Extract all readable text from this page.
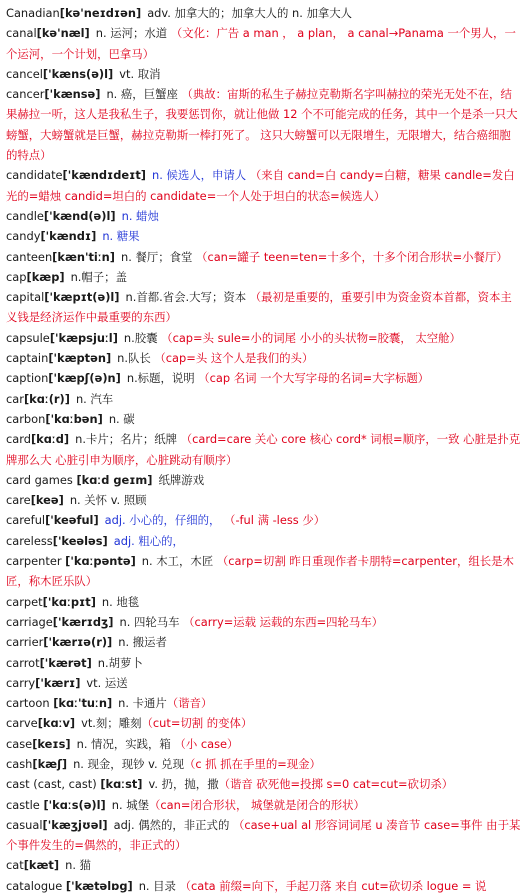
Canadian[kə'neɪdɪən] adv. 加拿大的；加拿大人的 n. 加拿大人
canal[kə'næl] n. 运河；水道 （文化：广告 a man ， a plan， a canal→Panama 一个男人，一个运河，一个计划，巴拿马）
cancel['kæns(ə)l] vt. 取消
cancer['kænsə] n. 癌，巨蟹座 （典故：宙斯的私生子赫拉克勒斯名字叫赫拉的荣光无处不在，结果赫拉一听，这人是我私生子，我要惩罚你，就让他做 12 个不可能完成的任务，其中一个是杀一只大螃蟹，大螃蟹就是巨蟹，赫拉克勒斯一棒打死了。 这只大螃蟹可以无限增生，无限增大，结合癌细胞的特点）
candidate['kændɪdeɪt] n. 候选人，申请人 （来自 cand=白 candy=白糖，糖果 candle=发白光的=蜡烛 candid=坦白的 candidate=一个人处于坦白的状态=候选人）
candle['kænd(ə)l] n. 蜡烛
candy['kændɪ] n. 糖果
canteen[kæn'tiːn] n. 餐厅；食堂 （can=罐子 teen=ten=十多个，十多个闭合形状=小餐厅）
cap[kæp] n.帽子；盖
capital['kæpɪt(ə)l] n.首都.省会.大写；资本 （最初是重要的，重要引申为资金资本首都，资本主义钱是经济运作中最重要的东西）
capsule['kæpsjuːl] n.胶囊 （cap=头 sule=小的词尾 小小的头状物=胶囊， 太空舱）
captain['kæptən] n.队长 （cap=头 这个人是我们的头）
caption['kæpʃ(ə)n] n.标题，说明 （cap 名词 一个大写字母的名词=大字标题）
car[kɑː(r)] n. 汽车
carbon['kɑːbən] n. 碳
card[kɑːd] n.卡片；名片；纸牌 （card=care 关心 core 核心 cord* 词根=顺序，一致 心脏是扑克牌那么大 心脏引申为顺序，心脏跳动有顺序）
card games [kɑːd geɪm] 纸牌游戏
care[keə] n. 关怀 v. 照顾
careful['keəful] adj. 小心的，仔细的， （-ful 满 -less 少）
careless['keələs] adj. 粗心的，
carpenter ['kɑːpəntə] n. 木工，木匠 （carp=切割 昨日重现作者卡朋特=carpenter，组长是木匠，称木匠乐队）
carpet['kɑːpɪt] n. 地毯
carriage['kærɪdʒ] n. 四轮马车 （carry=运载 运载的东西=四轮马车）
carrier['kærɪə(r)] n. 搬运者
carrot['kærət] n.胡萝卜
carry['kærɪ] vt. 运送
cartoon [kɑː'tuːn] n. 卡通片（谐音）
carve[kɑːv] vt.刻；雕刻（cut=切割 的变体）
case[keɪs] n. 情况，实践，箱 （小 case）
cash[kæʃ] n. 现金，现钞 v. 兑现（c 抓 抓在手里的=现金）
cast (cast, cast) [kɑːst] v. 扔，抛，撒（谐音 砍死他=投掷 s=0 cat=cut=砍切杀）
castle ['kɑːs(ə)l] n. 城堡（can=闭合形状， 城堡就是闭合的形状）
casual['kæʒjʊəl] adj. 偶然的，非正式的 （case+ual al 形容词词尾 u 凑音节 case=事件 由于某个事件发生的=偶然的，非正式的）
cat[kæt] n. 猫
catalogue ['kætəlɒg] n. 目录 （cata 前缀=向下，手起刀落 来自 cut=砍切杀 logue = 说
